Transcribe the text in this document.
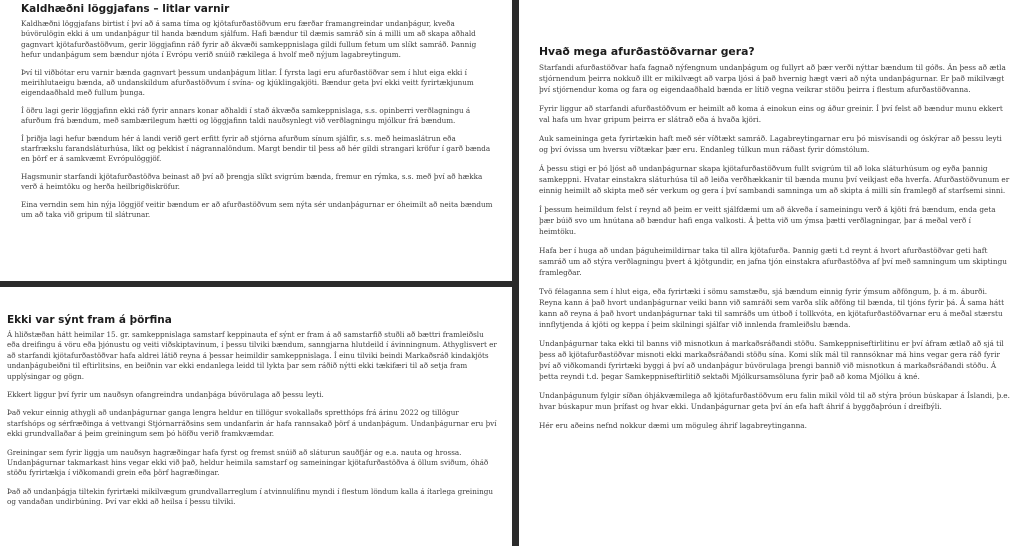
Kaldhæðni löggjafans – litlar varnir

Kaldhæðni löggjafans birtist í því að á sama tíma og kjötafurðastöðvum eru færðar framangreindar undanþágur, kveða búvörulögin ekki á um undanþágur til handa bændum sjálfum. Hafi bændur til dæmis samráð sín á milli um að skapa aðhald gagnvart kjötafurðastöðvum, gerir löggjafinn ráð fyrir að ákvæði samkeppnislaga gildi fullum fetum um slíkt samráð. Þannig hefur undanþágum sem bændur njóta í Evrópu verið snúið rækilega á hvolf með nýjum lagabreytingum.

Því til viðbótar eru varnir bænda gagnvart þessum undanþágum litlar. Í fyrsta lagi eru afurðastöðvar sem í hlut eiga ekki í meirihlutaeigu bænda, að undanskildum afurðastöðvum í svína- og kjúklingakjöti. Bændur geta því ekki veitt fyrirtækjunum eigendaaðhald með fullum þunga.

Í öðru lagi gerir löggjafinn ekki ráð fyrir annars konar aðhaldi í stað ákvæða samkeppnislaga, s.s. opinberri verðlagningu á afurðum frá bændum, með sambærilegum hætti og löggjafinn taldi nauðsynlegt við verðlagningu mjólkur frá bændum.

Í þriðja lagi hefur bændum hér á landi verið gert erfitt fyrir að stjórna afurðum sínum sjálfir, s.s. með heimaslátrun eða starfrækslu farandsláturhúsa, líkt og þekkist í nágrannalöndum. Margt bendir til þess að hér gildi strangari kröfur í garð bænda en þörf er á samkvæmt Evrópulöggjöf.

Hagsmunir starfandi kjötafurðastöðva beinast að því að þrengja slíkt svigrúm bænda, fremur en rýmka, s.s. með því að hækka verð á heimtöku og herða heilbrigðiskröfur.

Eina verndin sem hin nýja löggjöf veitir bændum er að afurðastöðvum sem nýta sér undanþágurnar er óheimilt að neita bændum um að taka við gripum til slátrunar.

Ekki var sýnt fram á þörfina

Á hliðstæðan hátt heimilar 15. gr. samkeppnislaga samstarf keppinauta ef sýnt er fram á að samstarfið stuðli að bættri framleiðslu eða dreifingu á vöru eða þjónustu og veiti viðskiptavinum, í þessu tilviki bændum, sanngjarna hlutdeild í ávinningnum. Athyglisvert er að starfandi kjötafurðastöðvar hafa aldrei látið reyna á þessar heimildir samkeppnislaga. Í einu tilviki beindi Markaðsráð kindakjöts undanþágubeiðni til eftirlitsins, en beiðnin var ekki endanlega leidd til lykta þar sem ráðið nýtti ekki tækifæri til að setja fram upplýsingar og gögn.

Ekkert liggur því fyrir um nauðsyn ofangreindra undanþága búvörulaga að þessu leyti.

Það vekur einnig athygli að undanþágurnar ganga lengra heldur en tillögur svokallaðs spretthóps frá árinu 2022 og tillögur starfshóps og sérfræðinga á vettvangi Stjórnarráðsins sem undanfarin ár hafa rannsakað þörf á undanþágum. Undanþágurnar eru því ekki grundvallaðar á þeim greiningum sem þó höfðu verið framkvæmdar.

Greiningar sem fyrir liggja um nauðsyn hagræðingar hafa fyrst og fremst snúið að sláturun sauðfjár og e.a. nauta og hrossa. Undanþágurnar takmarkast hins vegar ekki við það, heldur heimila samstarf og sameiningar kjötafurðastöðva á öllum sviðum, óháð stöðu fyrirtækja í viðkomandi grein eða þörf hagræðingar.

Það að undanþágja tiltekin fyrirtæki mikilvægum grundvallarreglum í atvinnulífinu myndi í flestum löndum kalla á ítarlega greiningu og vandaðan undirbúning. Því var ekki að heilsa í þessu tilviki.

Hvað mega afurðastöðvarnar gera?

Starfandi afurðastöðvar hafa fagnað nýfengnum undanþágum og fullyrt að þær verði nýttar bændum til góðs. Án þess að ætla stjórnendum þeirra nokkuð illt er mikilvægt að varpa ljósi á það hvernig hægt væri að nýta undanþágurnar. Er það mikilvægt því stjórnendur koma og fara og eigendaaðhald bænda er lítið vegna veikrar stöðu þeirra í flestum afurðastöðvanna.

Fyrir liggur að starfandi afurðastöðvum er heimilt að koma á einokun eins og áður greinir. Í því felst að bændur munu ekkert val hafa um hvar gripum þeirra er slátrað eða á hvaða kjöri.

Auk sameininga geta fyrirtækin haft með sér víðtækt samráð. Lagabreytingarnar eru þó misvísandi og óskýrar að þessu leyti og því óvissa um hversu víðtækar þær eru. Endanleg túlkun mun ráðast fyrir dómstólum.

Á þessu stigi er þó ljóst að undanþágurnar skapa kjötafurðastöðvum fullt svigrúm til að loka sláturhúsum og eyða þannig samkeppni. Hvatar einstakra sláturhúsa til að leiða verðhækkanir til bænda munu því veikjast eða hverfa. Afurðastöðvunum er einnig heimilt að skipta með sér verkum og gera í því sambandi samninga um að skipta á milli sín framlegð af starfsemi sinni.

Í þessum heimildum felst í reynd að þeim er veitt sjálfdæmi um að ákveða í sameiningu verð á kjöti frá bændum, enda geta þær búið svo um hnútana að bændur hafi enga valkosti. Á þetta við um ýmsa þætti verðlagningar, þar á meðal verð í heimtöku.

Hafa ber í huga að undan þáguheimildirnar taka til allra kjötafurða. Þannig gæti t.d reynt á hvort afurðastöðvar geti haft samráð um að stýra verðlagningu þvert á kjötgundir, en jafna tjón einstakra afurðastöðva af því með samningum um skiptingu framlegðar.

Tvö félaganna sem í hlut eiga, eða fyrirtæki í sömu samstæðu, sjá bændum einnig fyrir ýmsum aðföngum, þ. á m. áburði. Reyna kann á það hvort undanþágurnar veiki bann við samráði sem varða slík aðföng til bænda, til tjóns fyrir þá. Á sama hátt kann að reyna á það hvort undanþágurnar taki til samráðs um útboð í tollkvóta, en kjötafurðastöðvarnar eru á meðal stærstu innflytjenda á kjöti og keppa í þeim skilningi sjálfar við innlenda framleiðslu bænda.

Undanþágurnar taka ekki til banns við misnotkun á markaðsráðandi stöðu. Samkeppniseftirlitinu er því áfram ætlað að sjá til þess að kjötafurðastöðvar misnoti ekki markaðsráðandi stöðu sína. Komi slík mál til rannsóknar má hins vegar gera ráð fyrir því að viðkomandi fyrirtæki byggi á því að undanþágur búvörulaga þrengi bannið við misnotkun á markaðsráðandi stöðu. Á þetta reyndi t.d. þegar Samkeppniseftirlitið sektaði Mjólkursamsöluna fyrir það að koma Mjólku á kné.

Undanþágunum fylgir síðan óhjákvæmilega að kjötafurðastöðvum eru falin mikil völd til að stýra þróun búskapar á Íslandi, þ.e. hvar búskapur mun þrífast og hvar ekki. Undanþágurnar geta því án efa haft áhrif á byggðaþróun í dreifbýli.

Hér eru aðeins nefnd nokkur dæmi um möguleg áhrif lagabreytinganna.
